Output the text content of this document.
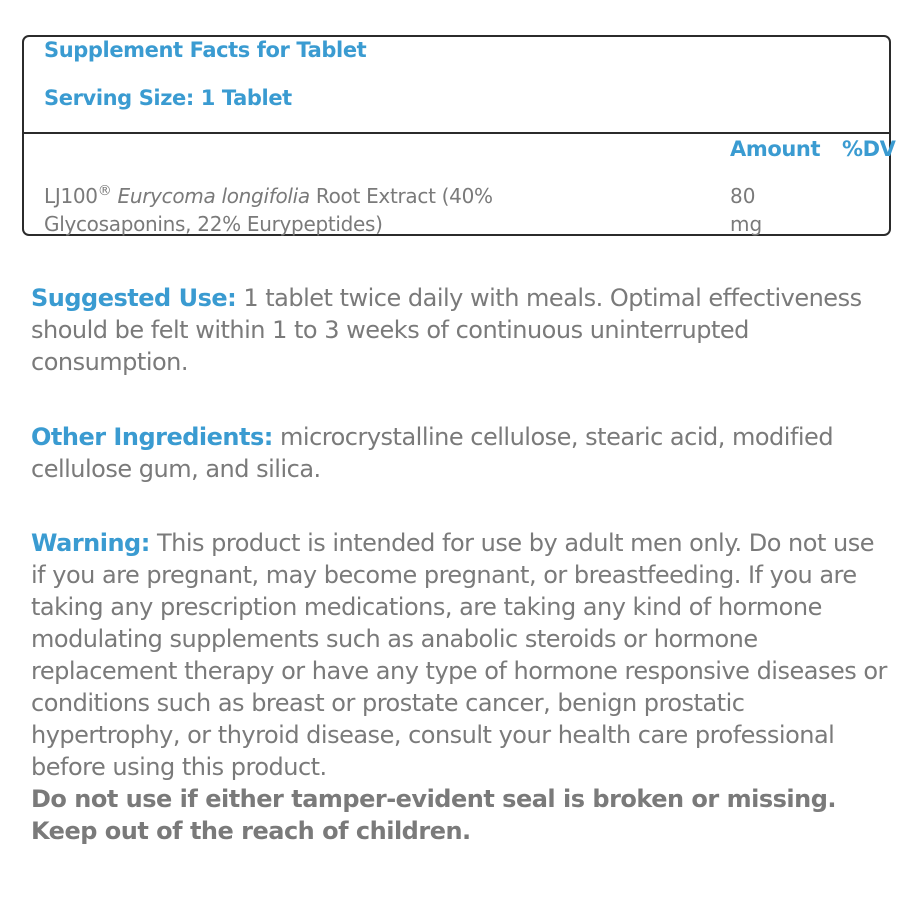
Supplement Facts for Tablet
Serving Size: 1 Tablet
Amount %DV
LJ100® Eurycoma longifolia Root Extract (40% Glycosaponins, 22% Eurypeptides)
80 mg
Suggested Use: 1 tablet twice daily with meals. Optimal effectiveness should be felt within 1 to 3 weeks of continuous uninterrupted consumption.
Other Ingredients: microcrystalline cellulose, stearic acid, modified cellulose gum, and silica.
Warning: This product is intended for use by adult men only. Do not use if you are pregnant, may become pregnant, or breastfeeding. If you are taking any prescription medications, are taking any kind of hormone modulating supplements such as anabolic steroids or hormone replacement therapy or have any type of hormone responsive diseases or conditions such as breast or prostate cancer, benign prostatic hypertrophy, or thyroid disease, consult your health care professional before using this product.
Do not use if either tamper-evident seal is broken or missing.
Keep out of the reach of children.
